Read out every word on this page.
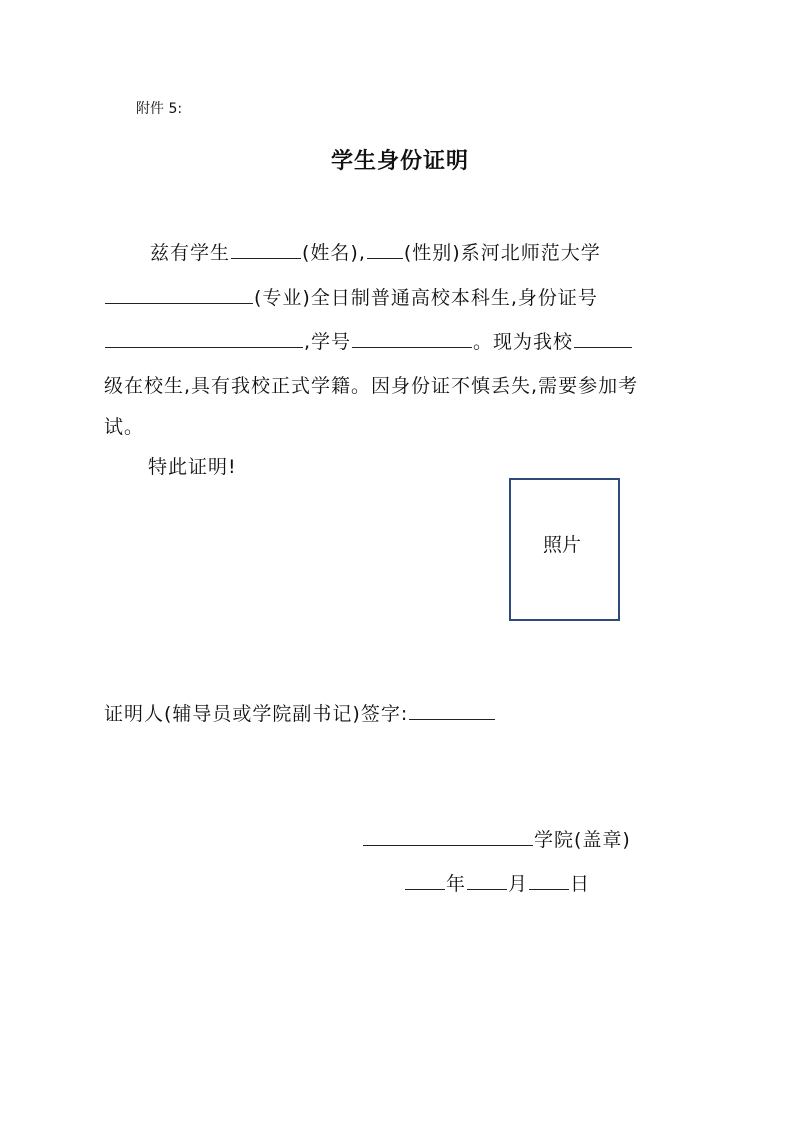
附件 5:
学生身份证明
兹有学生	(姓名), (性别)系河北师范大学
(专业)全日制普通高校本科生,身份证号
,学号	。现为我校
级在校生,具有我校正式学籍。因身份证不慎丢失,需要参加考
试。
特此证明!
照片
证明人(辅导员或学院副书记)签字:
学院(盖章)
年 月 日
